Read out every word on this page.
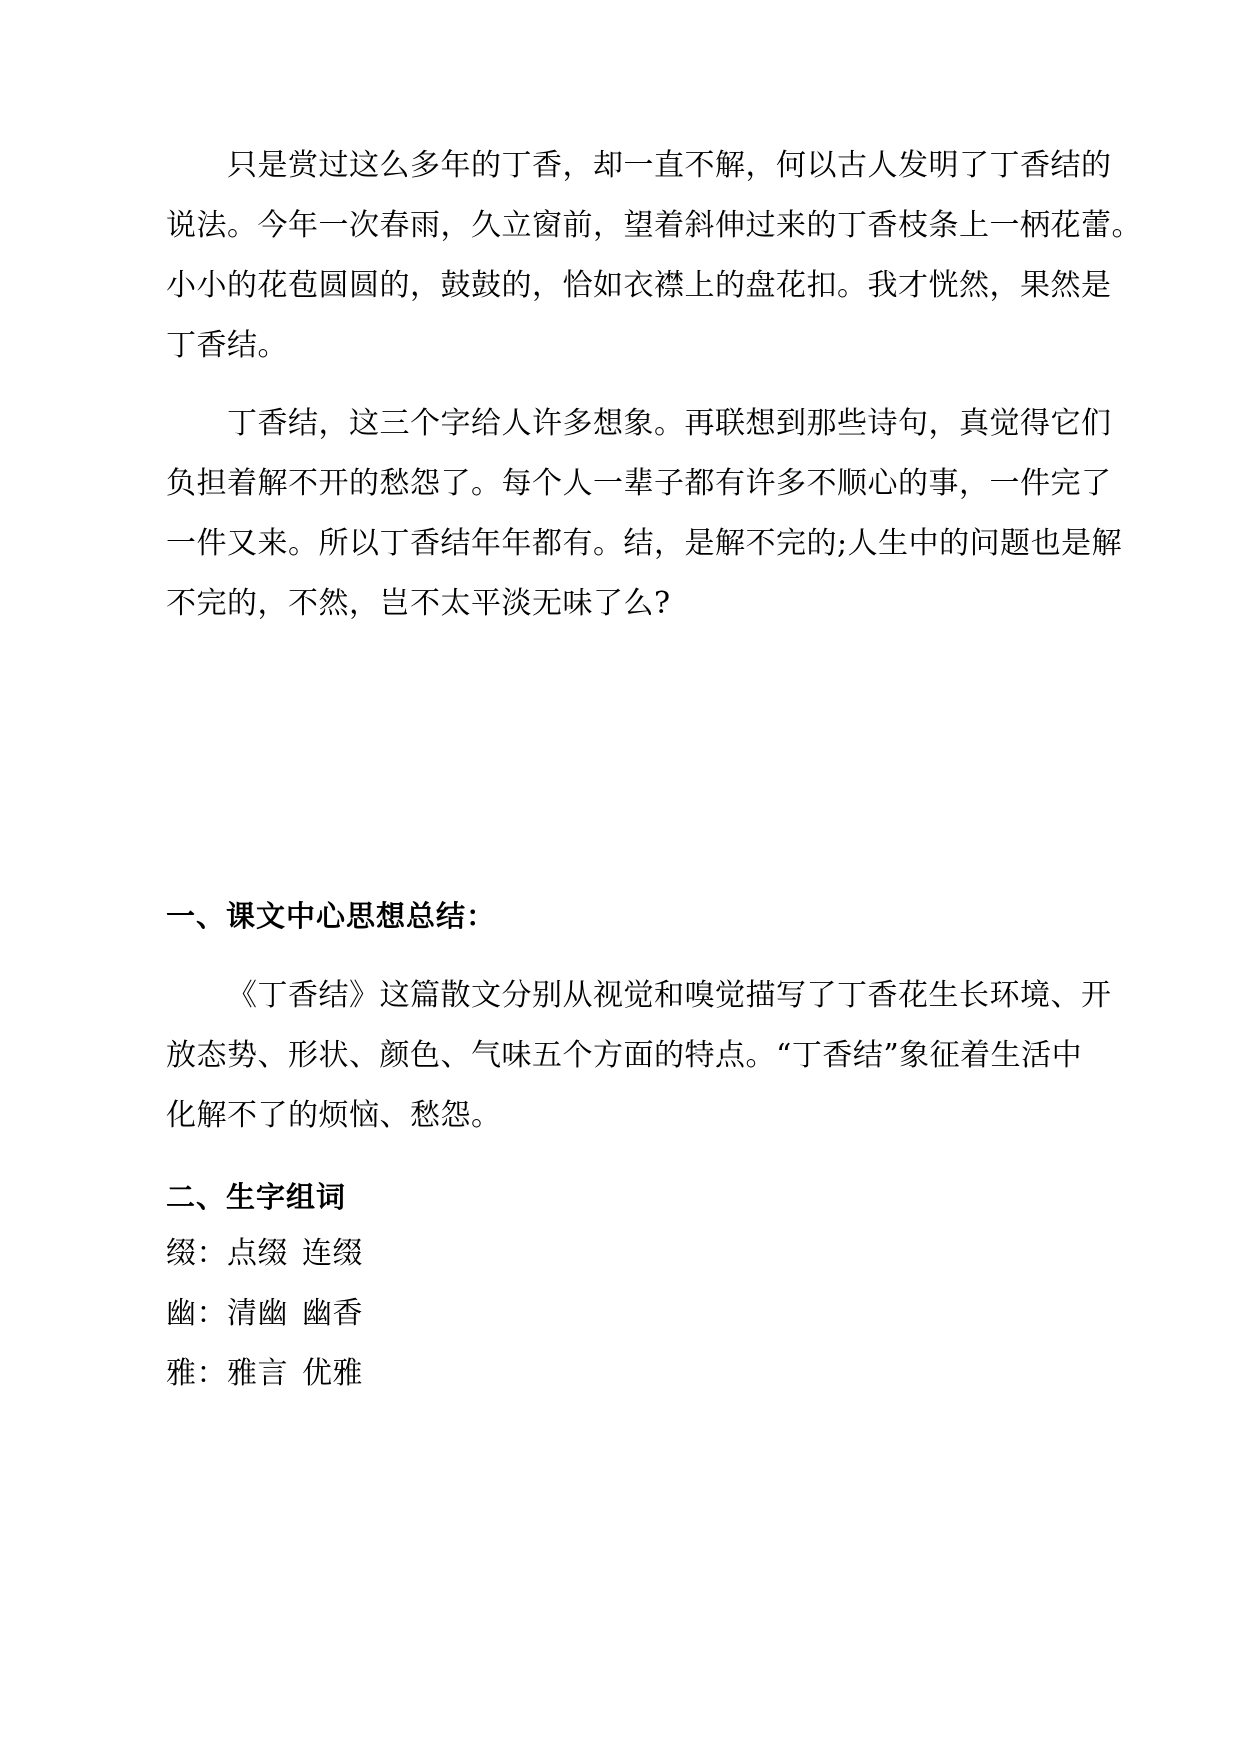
只是赏过这么多年的丁香，却一直不解，何以古人发明了丁香结的
说法。今年一次春雨，久立窗前，望着斜伸过来的丁香枝条上一柄花蕾。
小小的花苞圆圆的，鼓鼓的，恰如衣襟上的盘花扣。我才恍然，果然是
丁香结。
丁香结，这三个字给人许多想象。再联想到那些诗句，真觉得它们
负担着解不开的愁怨了。每个人一辈子都有许多不顺心的事，一件完了
一件又来。所以丁香结年年都有。结，是解不完的;人生中的问题也是解
不完的，不然，岂不太平淡无味了么?
一、课文中心思想总结：
《丁香结》这篇散文分别从视觉和嗅觉描写了丁香花生长环境、开
放态势、形状、颜色、气味五个方面的特点。“丁香结”象征着生活中
化解不了的烦恼、愁怨。
二、生字组词
缀：点缀 连缀
幽：清幽 幽香
雅：雅言 优雅
